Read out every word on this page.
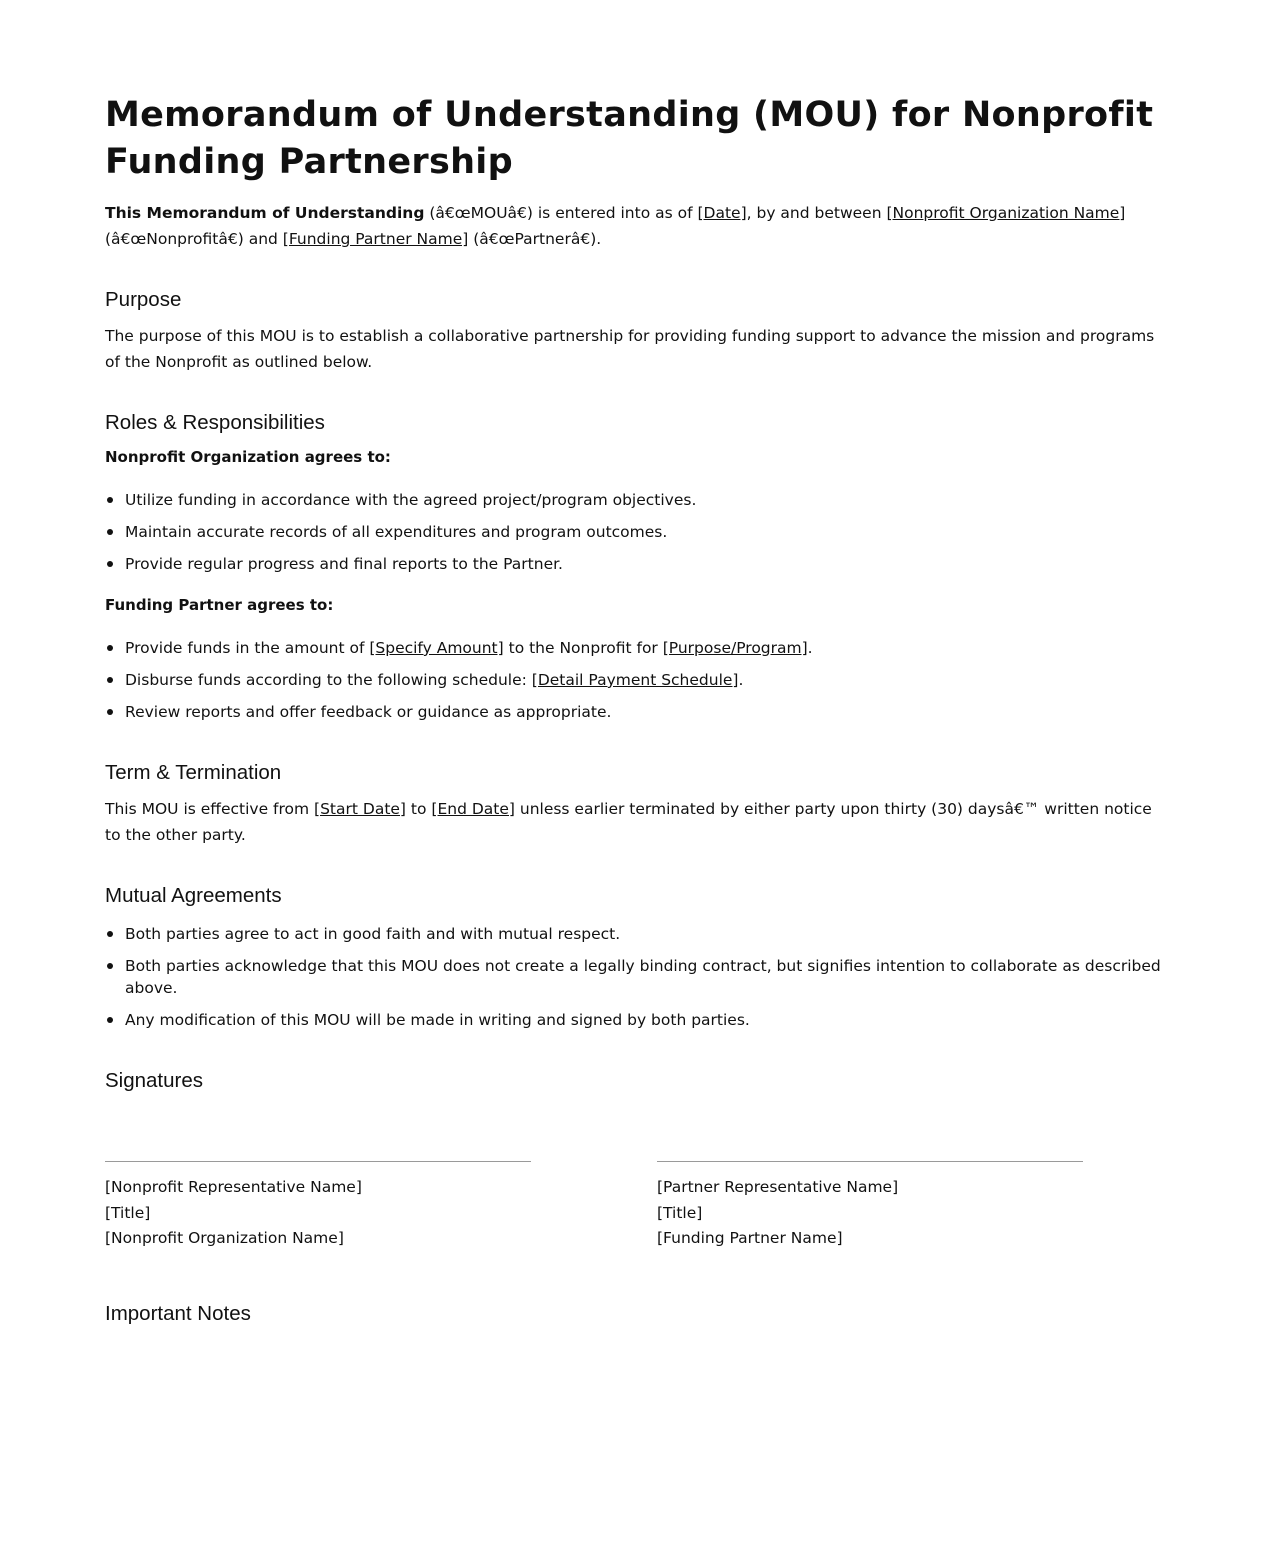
Memorandum of Understanding (MOU) for Nonprofit Funding Partnership

This Memorandum of Understanding (â€œMOUâ€) is entered into as of [Date], by and between [Nonprofit Organization Name] (â€œNonprofitâ€) and [Funding Partner Name] (â€œPartnerâ€).

Purpose

The purpose of this MOU is to establish a collaborative partnership for providing funding support to advance the mission and programs of the Nonprofit as outlined below.

Roles & Responsibilities

Nonprofit Organization agrees to:

Utilize funding in accordance with the agreed project/program objectives.
Maintain accurate records of all expenditures and program outcomes.
Provide regular progress and final reports to the Partner.

Funding Partner agrees to:

Provide funds in the amount of [Specify Amount] to the Nonprofit for [Purpose/Program].
Disburse funds according to the following schedule: [Detail Payment Schedule].
Review reports and offer feedback or guidance as appropriate.
Term & Termination

This MOU is effective from [Start Date] to [End Date] unless earlier terminated by either party upon thirty (30) daysâ€™ written notice to the other party.

Mutual Agreements
Both parties agree to act in good faith and with mutual respect.
Both parties acknowledge that this MOU does not create a legally binding contract, but signifies intention to collaborate as described above.
Any modification of this MOU will be made in writing and signed by both parties.
Signatures

[Nonprofit Representative Name]

[Title]

[Nonprofit Organization Name]

[Partner Representative Name]

[Title]

[Funding Partner Name]

Important Notes
